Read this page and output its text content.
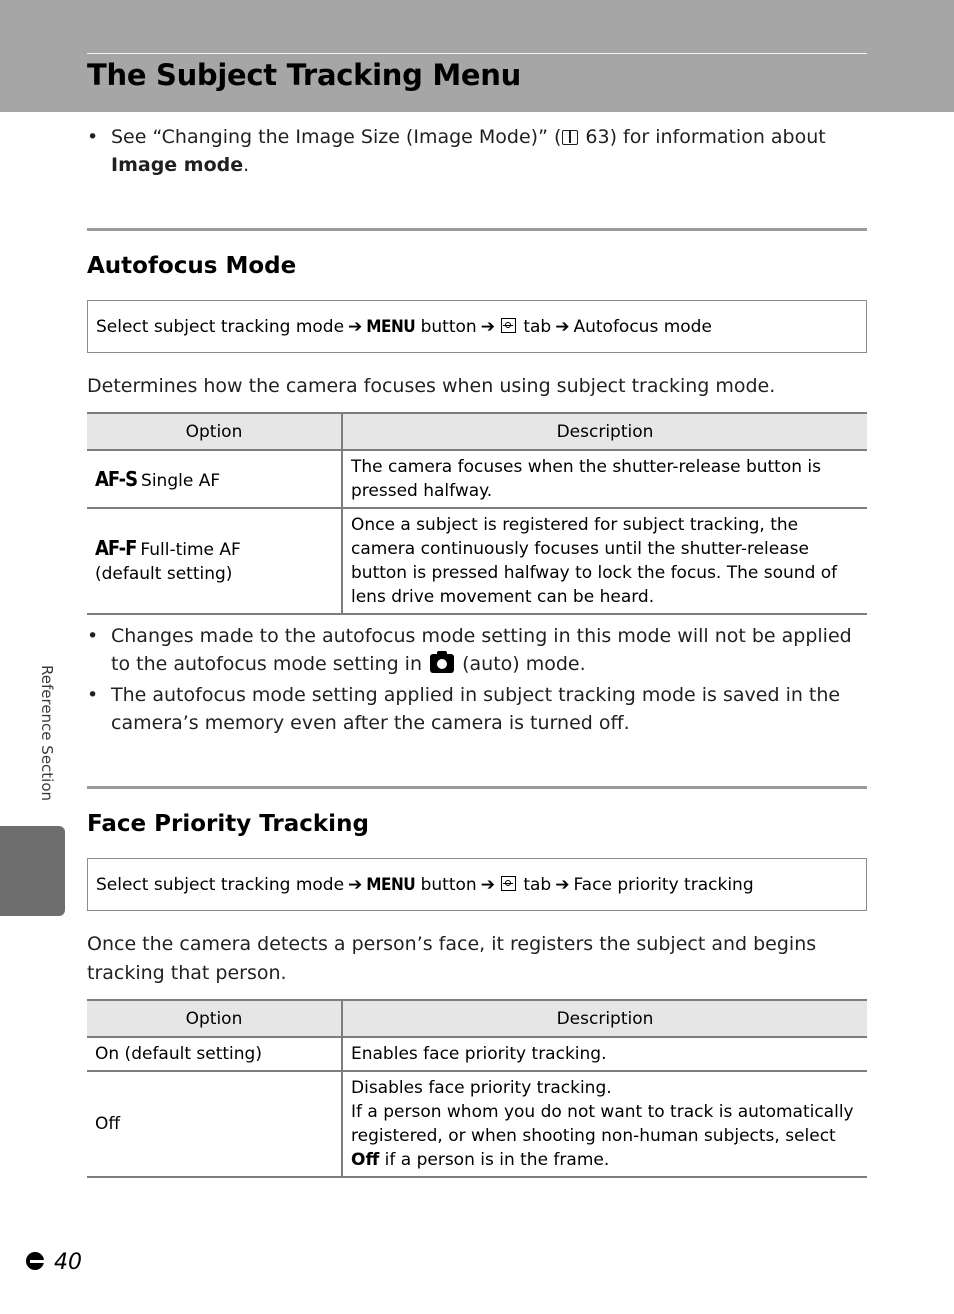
The Subject Tracking Menu

Reference Section

• See “Changing the Image Size (Image Mode)” ( 63) for information about
Image mode.
Autofocus Mode
Select subject tracking mode ➔ MENU button ➔ tab ➔ Autofocus mode

Determines how the camera focuses when using subject tracking mode.

Option	Description
AF-S Single AF	The camera focuses when the shutter-release button is pressed halfway.
AF-F Full-time AF
(default setting)	Once a subject is registered for subject tracking, the camera continuously focuses until the shutter-release button is pressed halfway to lock the focus. The sound of lens drive movement can be heard.
• Changes made to the autofocus mode setting in this mode will not be applied to the autofocus mode setting in (auto) mode.
• The autofocus mode setting applied in subject tracking mode is saved in the camera’s memory even after the camera is turned off.
Face Priority Tracking
Select subject tracking mode ➔ MENU button ➔ tab ➔ Face priority tracking

Once the camera detects a person’s face, it registers the subject and begins tracking that person.

Option	Description
On (default setting)	Enables face priority tracking.
Off	Disables face priority tracking.
If a person whom you do not want to track is automatically registered, or when shooting non-human subjects, select
Off if a person is in the frame.

40
